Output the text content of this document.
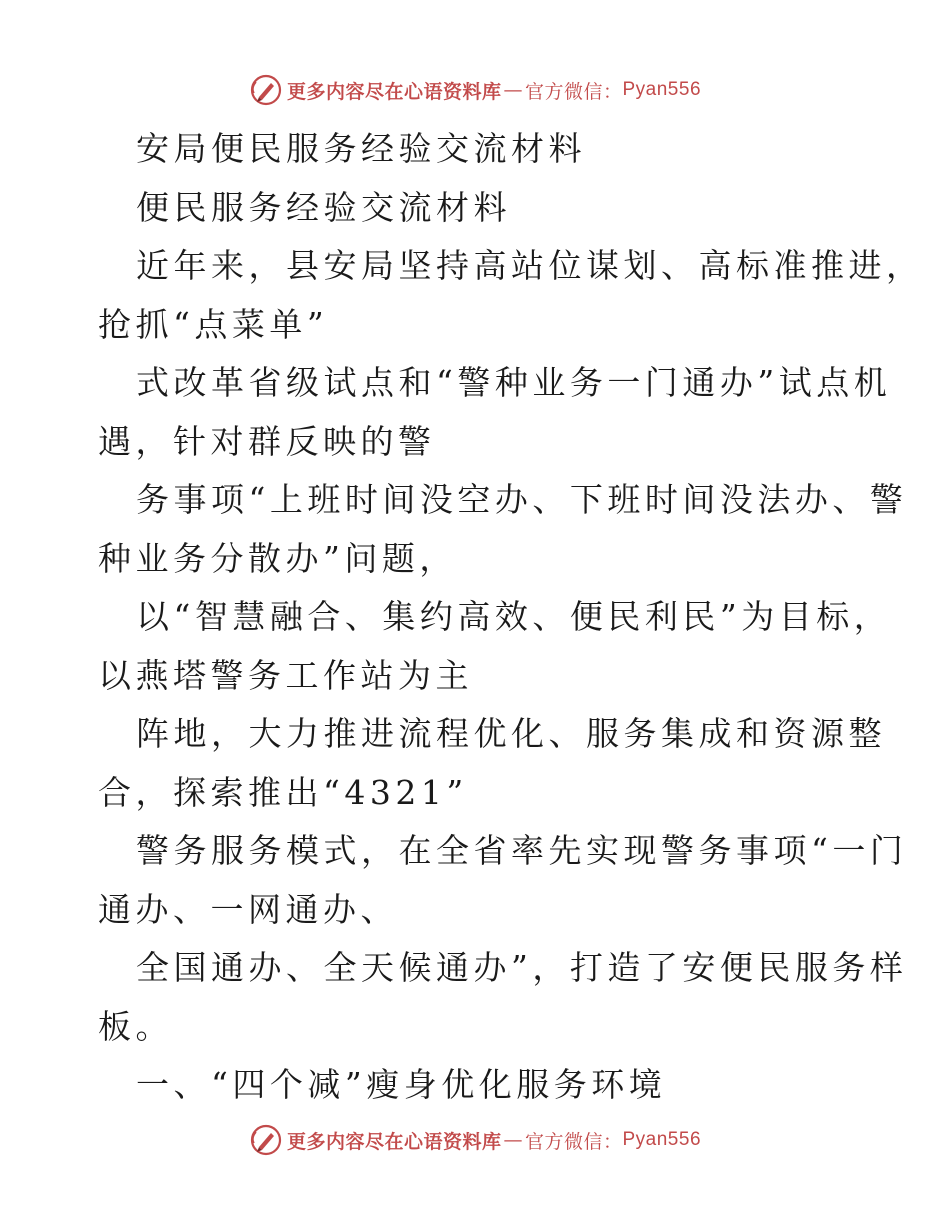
更多内容尽在心语资料库 — 官方微信： Pyan556
安局便民服务经验交流材料
便民服务经验交流材料
近年来，县安局坚持高站位谋划、高标准推进，
抢抓“点菜单”
式改革省级试点和“警种业务一门通办”试点机
遇，针对群反映的警
务事项“上班时间没空办、下班时间没法办、警
种业务分散办”问题，
以“智慧融合、集约高效、便民利民”为目标，
以燕塔警务工作站为主
阵地，大力推进流程优化、服务集成和资源整
合，探索推出“4321”
警务服务模式，在全省率先实现警务事项“一门
通办、一网通办、
全国通办、全天候通办”，打造了安便民服务样
板。
一、“四个减”瘦身优化服务环境
更多内容尽在心语资料库 — 官方微信： Pyan556
